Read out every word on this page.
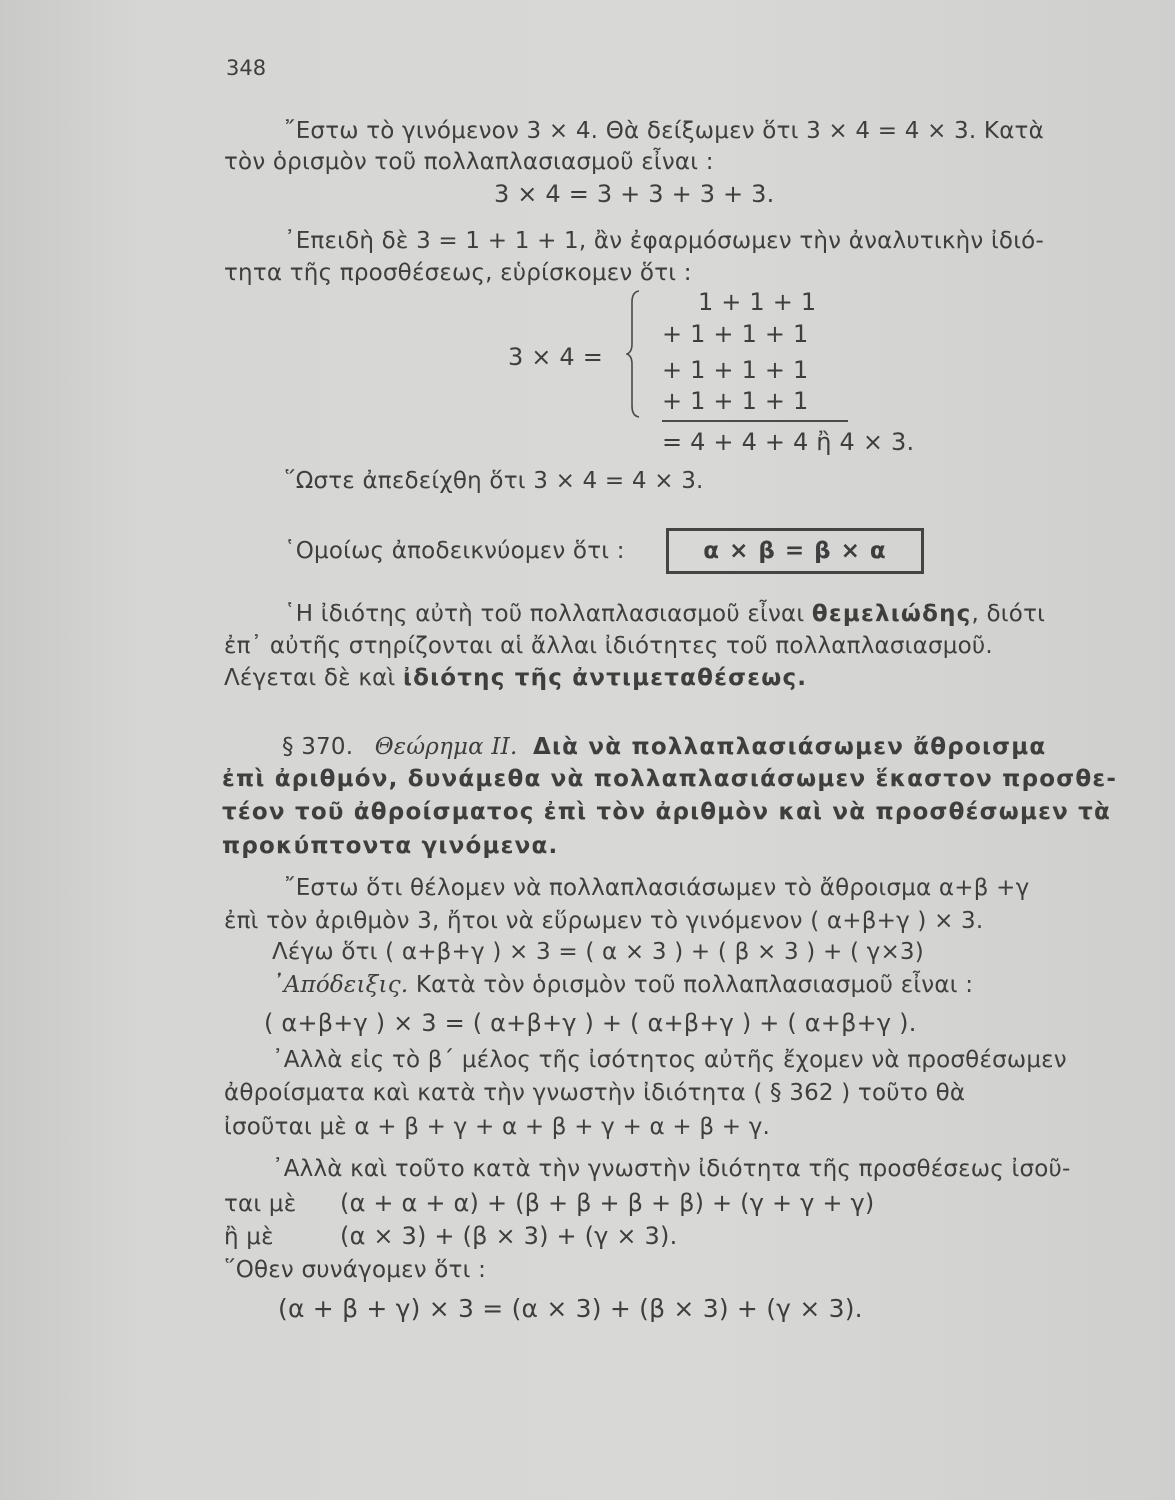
348
῎Εστω τὸ γινόμενον 3 × 4. Θὰ δείξωμεν ὅτι 3 × 4 = 4 × 3. Κατὰ
τὸν ὁρισμὸν τοῦ πολλαπλασιασμοῦ εἶναι :
3 × 4 = 3 + 3 + 3 + 3.
᾿Επειδὴ δὲ 3 = 1 + 1 + 1, ἂν ἐφαρμόσωμεν τὴν ἀναλυτικὴν ἰδιό-
τητα τῆς προσθέσεως, εὑρίσκομεν ὅτι :
3 × 4 =
1 + 1 + 1
+ 1 + 1 + 1
+ 1 + 1 + 1
+ 1 + 1 + 1
= 4 + 4 + 4 ἢ 4 × 3.
῞Ωστε ἀπεδείχθη ὅτι 3 × 4 = 4 × 3.
῾Ομοίως ἀποδεικνύομεν ὅτι :	α × β = β × α
῾Η ἰδιότης αὐτὴ τοῦ πολλαπλασιασμοῦ εἶναι θεμελιώδης, διότι
ἐπ᾿ αὐτῆς στηρίζονται αἱ ἄλλαι ἰδιότητες τοῦ πολλαπλασιασμοῦ.
Λέγεται δὲ καὶ ἰδιότης τῆς ἀντιμεταθέσεως.
§ 370. Θεώρημα ΙΙ. Διὰ νὰ πολλαπλασιάσωμεν ἄθροισμα
ἐπὶ ἀριθμόν, δυνάμεθα νὰ πολλαπλασιάσωμεν ἕκαστον προσθε-
τέον τοῦ ἀθροίσματος ἐπὶ τὸν ἀριθμὸν καὶ νὰ προσθέσωμεν τὰ
προκύπτοντα γινόμενα.
῎Εστω ὅτι θέλομεν νὰ πολλαπλασιάσωμεν τὸ ἄθροισμα α+β +γ
ἐπὶ τὸν ἀριθμὸν 3, ἤτοι νὰ εὕρωμεν τὸ γινόμενον ( α+β+γ ) × 3.
Λέγω ὅτι ( α+β+γ ) × 3 = ( α × 3 ) + ( β × 3 ) + ( γ×3)
᾿Απόδειξις. Κατὰ τὸν ὁρισμὸν τοῦ πολλαπλασιασμοῦ εἶναι :
( α+β+γ ) × 3 = ( α+β+γ ) + ( α+β+γ ) + ( α+β+γ ).
᾿Αλλὰ εἰς τὸ β΄ μέλος τῆς ἰσότητος αὐτῆς ἔχομεν νὰ προσθέσωμεν
ἀθροίσματα καὶ κατὰ τὴν γνωστὴν ἰδιότητα ( § 362 ) τοῦτο θὰ
ἰσοῦται μὲ α + β + γ + α + β + γ + α + β + γ.
᾿Αλλὰ καὶ τοῦτο κατὰ τὴν γνωστὴν ἰδιότητα τῆς προσθέσεως ἰσοῦ-
ται μὲ (α + α + α) + (β + β + β + β) + (γ + γ + γ)
ἢ μὲ	(α × 3) + (β × 3) + (γ × 3).
῞Οθεν συνάγομεν ὅτι :
(α + β + γ) × 3 = (α × 3) + (β × 3) + (γ × 3).
